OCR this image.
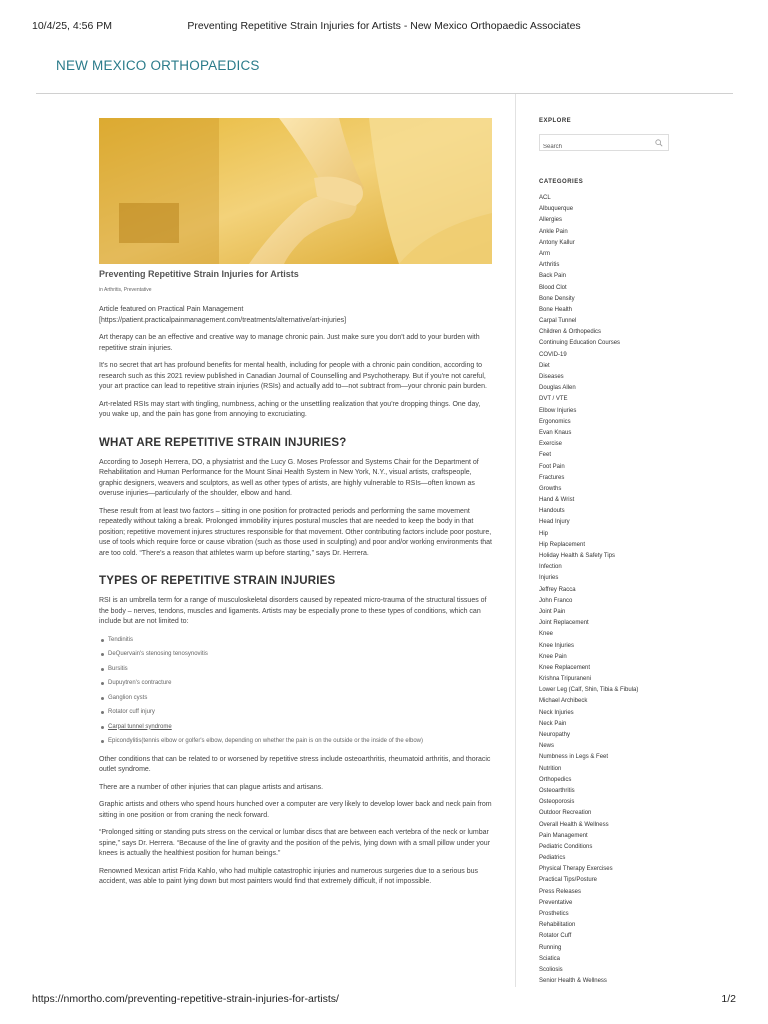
10/4/25, 4:56 PM	Preventing Repetitive Strain Injuries for Artists - New Mexico Orthopaedic Associates
NEW MEXICO ORTHOPAEDICS
Preventing Repetitive Strain Injuries for Artists
in Arthritis, Preventative

Article featured on Practical Pain Management

[https://patient.practicalpainmanagement.com/treatments/alternative/art-injuries]

Art therapy can be an effective and creative way to manage chronic pain. Just make sure you don't add to your burden with repetitive strain injuries.

It's no secret that art has profound benefits for mental health, including for people with a chronic pain condition, according to research such as this 2021 review published in Canadian Journal of Counselling and Psychotherapy. But if you're not careful, your art practice can lead to repetitive strain injuries (RSIs) and actually add to—not subtract from—your chronic pain burden.

Art-related RSIs may start with tingling, numbness, aching or the unsettling realization that you're dropping things. One day, you wake up, and the pain has gone from annoying to excruciating.

WHAT ARE REPETITIVE STRAIN INJURIES?

According to Joseph Herrera, DO, a physiatrist and the Lucy G. Moses Professor and Systems Chair for the Department of Rehabilitation and Human Performance for the Mount Sinai Health System in New York, N.Y., visual artists, craftspeople, graphic designers, weavers and sculptors, as well as other types of artists, are highly vulnerable to RSIs—often known as overuse injuries—particularly of the shoulder, elbow and hand.

These result from at least two factors – sitting in one position for protracted periods and performing the same movement repeatedly without taking a break. Prolonged immobility injures postural muscles that are needed to keep the body in that position; repetitive movement injures structures responsible for that movement. Other contributing factors include poor posture, use of tools which require force or cause vibration (such as those used in sculpting) and poor and/or working environments that are too cold. “There's a reason that athletes warm up before starting,” says Dr. Herrera.

TYPES OF REPETITIVE STRAIN INJURIES

RSI is an umbrella term for a range of musculoskeletal disorders caused by repeated micro-trauma of the structural tissues of the body – nerves, tendons, muscles and ligaments. Artists may be especially prone to these types of conditions, which can include but are not limited to:

Tendinitis
DeQuervain's stenosing tenosynovitis
Bursitis
Dupuytren's contracture
Ganglion cysts
Rotator cuff injury
Carpal tunnel syndrome
Epicondylitis(tennis elbow or golfer's elbow, depending on whether the pain is on the outside or the inside of the elbow)

Other conditions that can be related to or worsened by repetitive stress include osteoarthritis, rheumatoid arthritis, and thoracic outlet syndrome.

There are a number of other injuries that can plague artists and artisans.

Graphic artists and others who spend hours hunched over a computer are very likely to develop lower back and neck pain from sitting in one position or from craning the neck forward.

“Prolonged sitting or standing puts stress on the cervical or lumbar discs that are between each vertebra of the neck or lumbar spine,” says Dr. Herrera. “Because of the line of gravity and the position of the pelvis, lying down with a small pillow under your knees is actually the healthiest position for human beings.”

Renowned Mexican artist Frida Kahlo, who had multiple catastrophic injuries and numerous surgeries due to a serious bus accident, was able to paint lying down but most painters would find that extremely difficult, if not impossible.

EXPLORE
Search
CATEGORIES
ACL
Albuquerque
Allergies
Ankle Pain
Antony Kallur
Arm
Arthritis
Back Pain
Blood Clot
Bone Density
Bone Health
Carpal Tunnel
Children & Orthopedics
Continuing Education Courses
COVID-19
Diet
Diseases
Douglas Allen
DVT / VTE
Elbow Injuries
Ergonomics
Evan Knaus
Exercise
Feet
Foot Pain
Fractures
Growths
Hand & Wrist
Handouts
Head Injury
Hip
Hip Replacement
Holiday Health & Safety Tips
Infection
Injuries
Jeffrey Racca
John Franco
Joint Pain
Joint Replacement
Knee
Knee Injuries
Knee Pain
Knee Replacement
Krishna Tripuraneni
Lower Leg (Calf, Shin, Tibia & Fibula)
Michael Archibeck
Neck Injuries
Neck Pain
Neuropathy
News
Numbness in Legs & Feet
Nutrition
Orthopedics
Osteoarthritis
Osteoporosis
Outdoor Recreation
Overall Health & Wellness
Pain Management
Pediatric Conditions
Pediatrics
Physical Therapy Exercises
Practical Tips/Posture
Press Releases
Preventative
Prosthetics
Rehabilitation
Rotator Cuff
Running
Sciatica
Scoliosis
Senior Health & Wellness
https://nmortho.com/preventing-repetitive-strain-injuries-for-artists/	1/2
